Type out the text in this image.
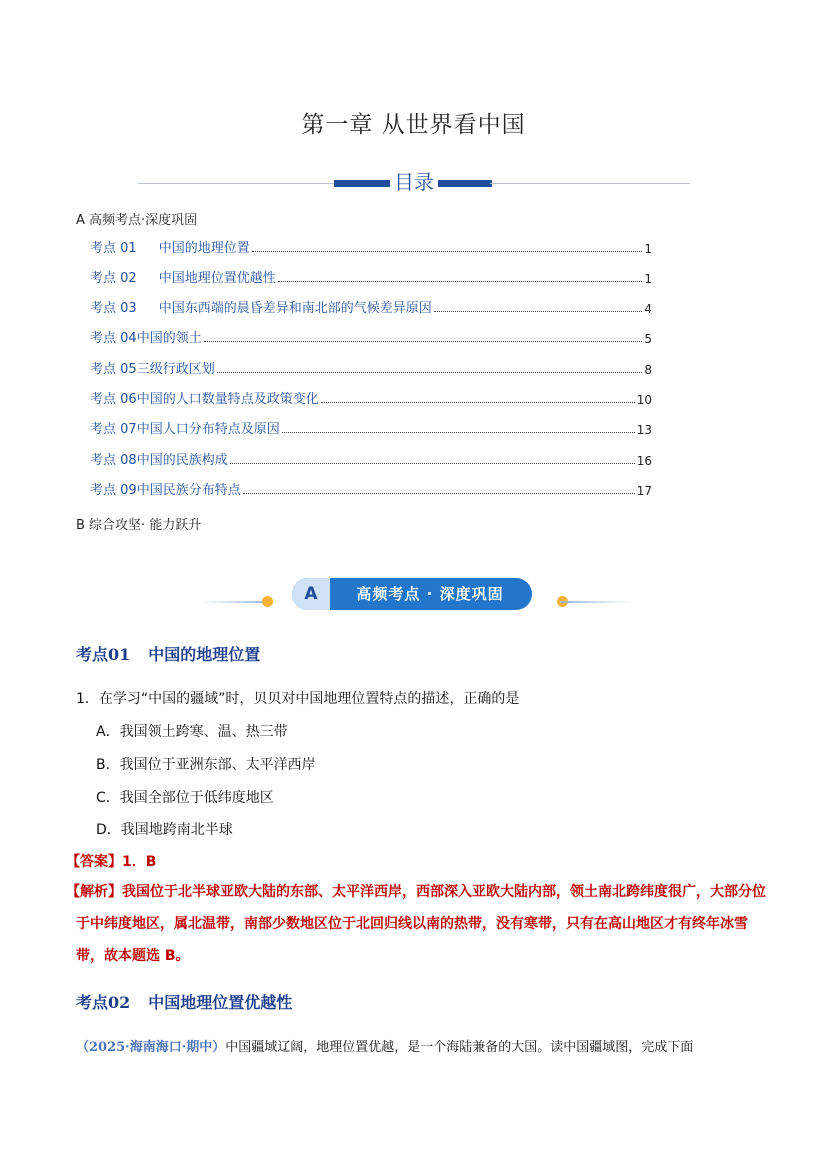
第一章 从世界看中国
目录
A 高频考点·深度巩固
考点 01 中国的地理位置	1
考点 02 中国地理位置优越性	1
考点 03 中国东西端的晨昏差异和南北部的气候差异原因	4
考点 04 中国的领土	5
考点 05 三级行政区划	8
考点 06 中国的人口数量特点及政策变化	10
考点 07 中国人口分布特点及原因	13
考点 08 中国的民族构成	16
考点 09 中国民族分布特点	17
B 综合攻坚· 能力跃升
A	高频考点 · 深度巩固
考点01 中国的地理位置
1．在学习“中国的疆域”时，贝贝对中国地理位置特点的描述，正确的是
A．我国领土跨寒、温、热三带
B．我国位于亚洲东部、太平洋西岸
C．我国全部位于低纬度地区
D．我国地跨南北半球
【答案】1．B
【解析】我国位于北半球亚欧大陆的东部、太平洋西岸，西部深入亚欧大陆内部，领土南北跨纬度很广，大部分位于中纬度地区，属北温带，南部少数地区位于北回归线以南的热带，没有寒带，只有在高山地区才有终年冰雪带，故本题选 B。
考点02 中国地理位置优越性
（2025·海南海口·期中）中国疆域辽阔，地理位置优越，是一个海陆兼备的大国。读中国疆域图，完成下面
